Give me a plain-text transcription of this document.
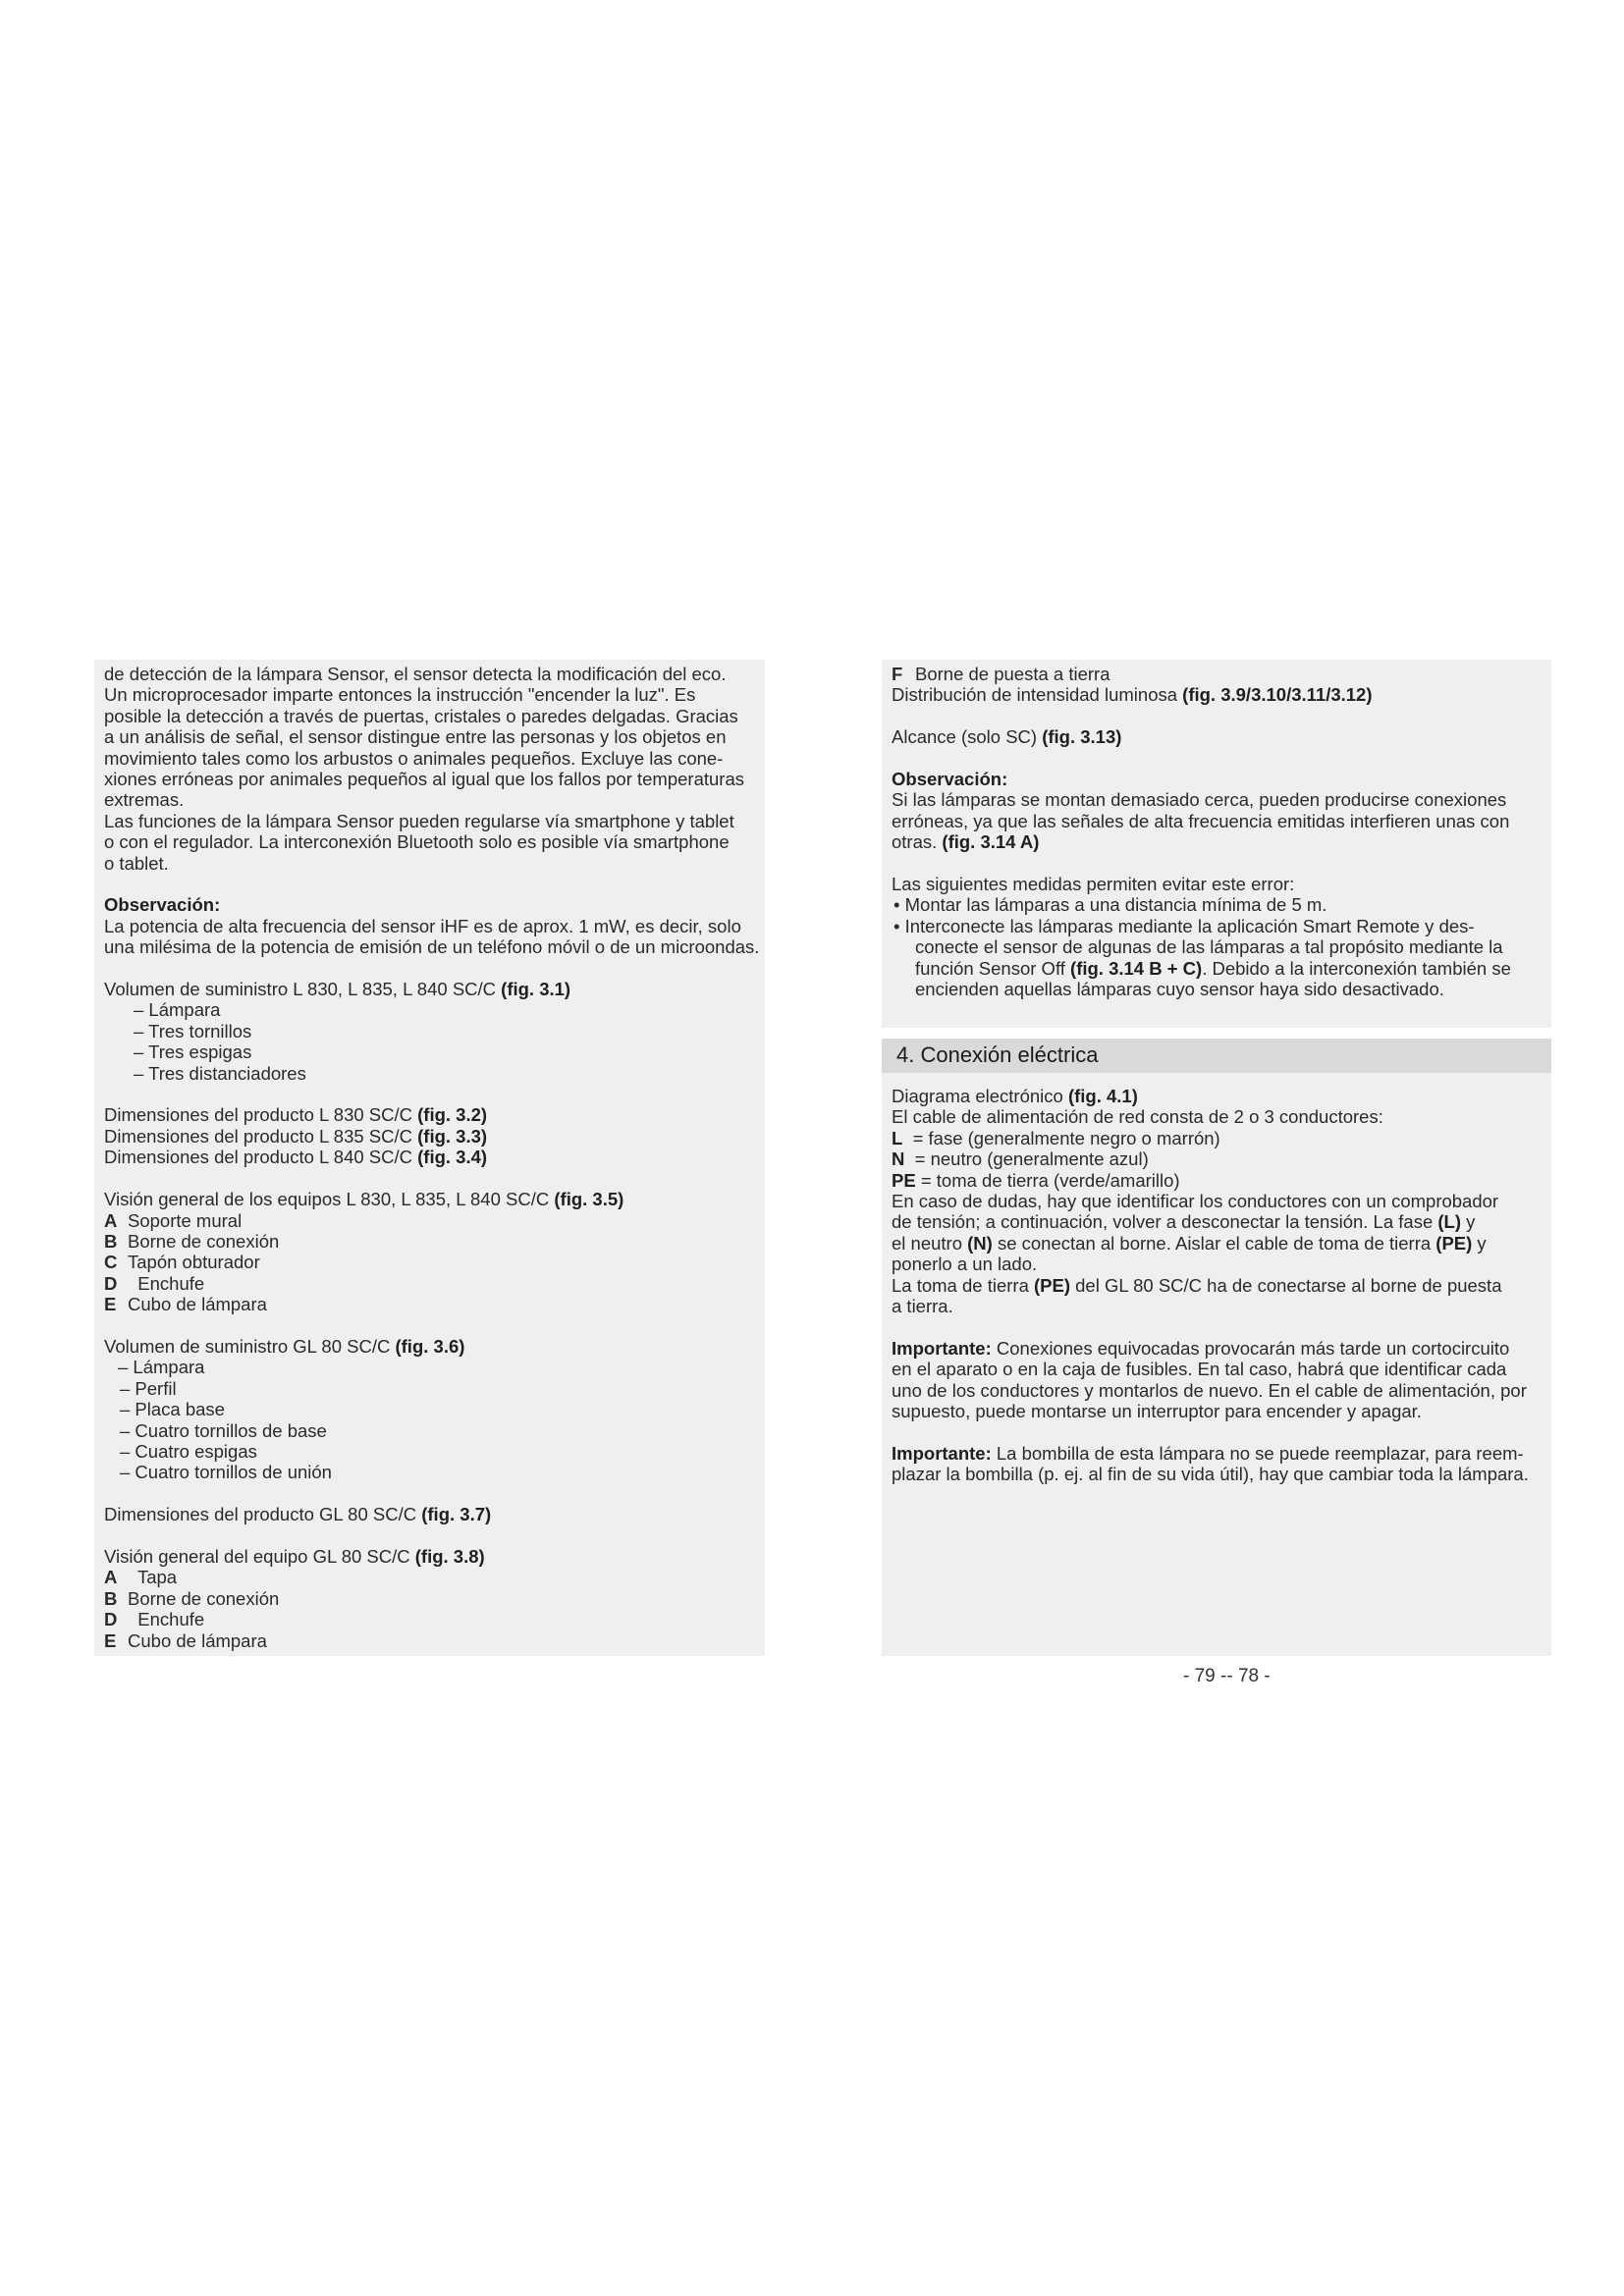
de detección de la lámpara Sensor, el sensor detecta la modificación del eco.
Un microprocesador imparte entonces la instrucción "encender la luz". Es
posible la detección a través de puertas, cristales o paredes delgadas. Gracias
a un análisis de señal, el sensor distingue entre las personas y los objetos en
movimiento tales como los arbustos o animales pequeños. Excluye las cone-
xiones erróneas por animales pequeños al igual que los fallos por temperaturas
extremas.
Las funciones de la lámpara Sensor pueden regularse vía smartphone y tablet
o con el regulador. La interconexión Bluetooth solo es posible vía smartphone
o tablet.
Observación:
La potencia de alta frecuencia del sensor iHF es de aprox. 1 mW, es decir, solo
una milésima de la potencia de emisión de un teléfono móvil o de un microondas.
Volumen de suministro L 830, L 835, L 840 SC/C (fig. 3.1)
– Lámpara
– Tres tornillos
– Tres espigas
– Tres distanciadores
Dimensiones del producto L 830 SC/C (fig. 3.2)
Dimensiones del producto L 835 SC/C (fig. 3.3)
Dimensiones del producto L 840 SC/C (fig. 3.4)
Visión general de los equipos L 830, L 835, L 840 SC/C (fig. 3.5)
A Soporte mural
B Borne de conexión
C Tapón obturador
D  Enchufe
E Cubo de lámpara
Volumen de suministro GL 80 SC/C (fig. 3.6)
– Lámpara
– Perfil
– Placa base
– Cuatro tornillos de base
– Cuatro espigas
– Cuatro tornillos de unión
Dimensiones del producto GL 80 SC/C (fig. 3.7)
Visión general del equipo GL 80 SC/C (fig. 3.8)
A  Tapa
B Borne de conexión
D  Enchufe
E Cubo de lámpara
F Borne de puesta a tierra
Distribución de intensidad luminosa (fig. 3.9/3.10/3.11/3.12)
Alcance (solo SC) (fig. 3.13)
Observación:
Si las lámparas se montan demasiado cerca, pueden producirse conexiones
erróneas, ya que las señales de alta frecuencia emitidas interfieren unas con
otras. (fig. 3.14 A)
Las siguientes medidas permiten evitar este error:
• Montar las lámparas a una distancia mínima de 5 m.
• Interconecte las lámparas mediante la aplicación Smart Remote y des-
conecte el sensor de algunas de las lámparas a tal propósito mediante la
función Sensor Off (fig. 3.14 B + C). Debido a la interconexión también se
encienden aquellas lámparas cuyo sensor haya sido desactivado.
4. Conexión eléctrica
Diagrama electrónico (fig. 4.1)
El cable de alimentación de red consta de 2 o 3 conductores:
L  = fase (generalmente negro o marrón)
N  = neutro (generalmente azul)
PE = toma de tierra (verde/amarillo)
En caso de dudas, hay que identificar los conductores con un comprobador
de tensión; a continuación, volver a desconectar la tensión. La fase (L) y
el neutro (N) se conectan al borne. Aislar el cable de toma de tierra (PE) y
ponerlo a un lado.
La toma de tierra (PE) del GL 80 SC/C ha de conectarse al borne de puesta
a tierra.
Importante: Conexiones equivocadas provocarán más tarde un cortocircuito
en el aparato o en la caja de fusibles. En tal caso, habrá que identificar cada
uno de los conductores y montarlos de nuevo. En el cable de alimentación, por
supuesto, puede montarse un interruptor para encender y apagar.
Importante: La bombilla de esta lámpara no se puede reemplazar, para reem-
plazar la bombilla (p. ej. al fin de su vida útil), hay que cambiar toda la lámpara.
- 79 -- 78 -
